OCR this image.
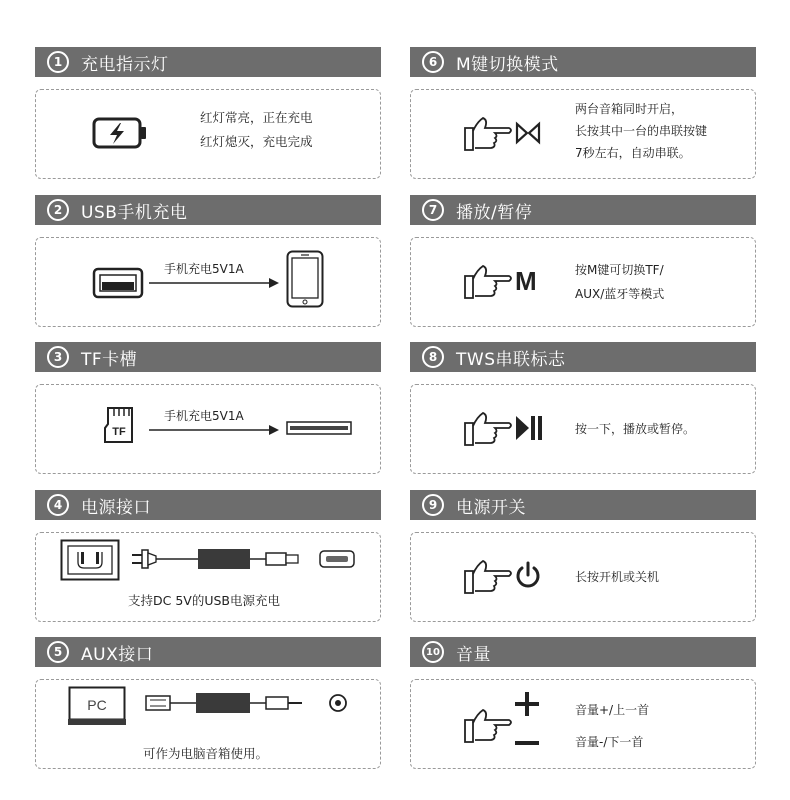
1	充电指示灯
红灯常亮，正在充电
红灯熄灭，充电完成
2	USB手机充电
手机充电5V1A
3	TF卡槽
TF
手机充电5V1A
4	电源接口
支持DC 5V的USB电源充电
5	AUX接口
PC
可作为电脑音箱使用。
6	M键切换模式
两台音箱同时开启，
长按其中一台的串联按键
7秒左右，自动串联。
7	播放/暂停
M	按M键可切换TF/
AUX/蓝牙等模式
8	TWS串联标志
按一下，播放或暂停。
9	电源开关
长按开机或关机
10 音量
音量+/上一首
音量-/下一首
